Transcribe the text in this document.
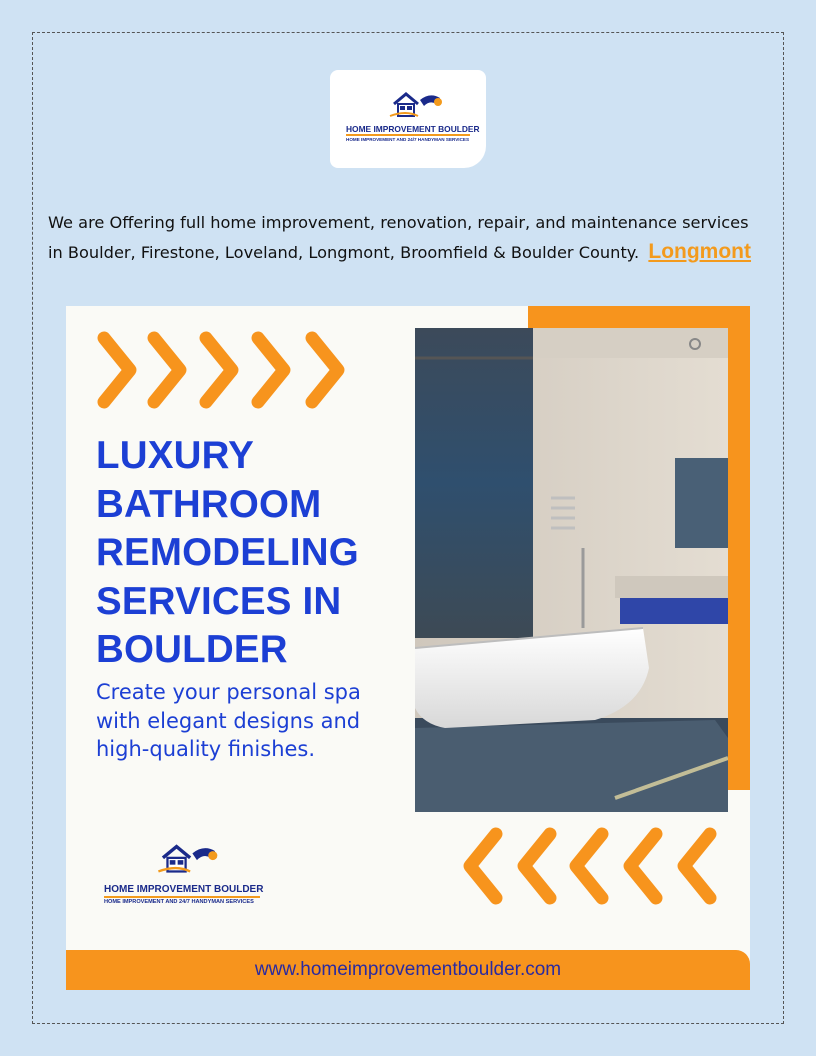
HOME IMPROVEMENT BOULDER
HOME IMPROVEMENT AND 24/7 HANDYMAN SERVICES
We are Offering full home improvement, renovation, repair, and maintenance services in Boulder, Firestone, Loveland, Longmont, Broomfield & Boulder County. Longmont
LUXURY
BATHROOM
REMODELING
SERVICES IN
BOULDER
Create your personal spa with elegant designs and high-quality finishes.
HOME IMPROVEMENT BOULDER
HOME IMPROVEMENT AND 24/7 HANDYMAN SERVICES
www.homeimprovementboulder.com
